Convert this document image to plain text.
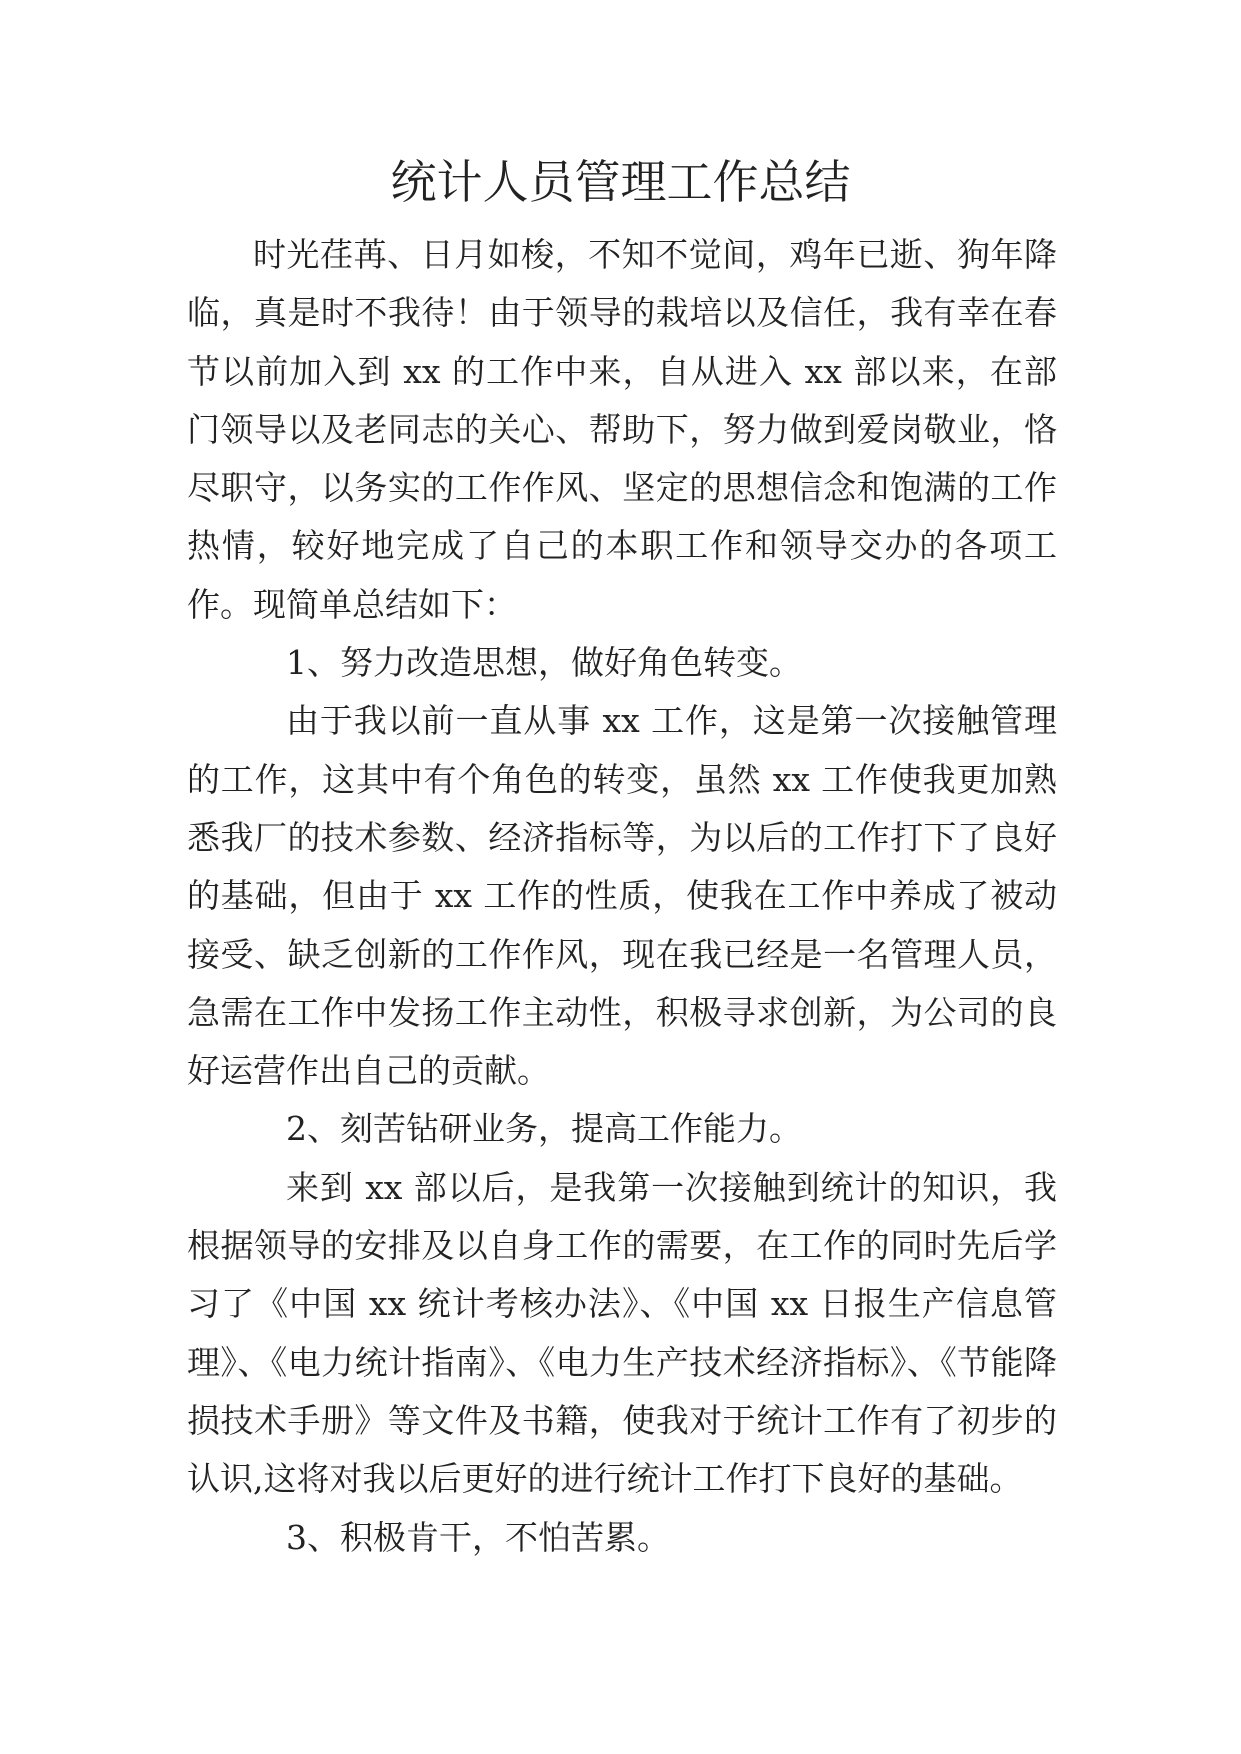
统计人员管理工作总结

时光荏苒、日月如梭，不知不觉间，鸡年已逝、狗年降临，真是时不我待！由于领导的栽培以及信任，我有幸在春节以前加入到 xx 的工作中来，自从进入 xx 部以来，在部门领导以及老同志的关心、帮助下，努力做到爱岗敬业，恪尽职守，以务实的工作作风、坚定的思想信念和饱满的工作热情，较好地完成了自己的本职工作和领导交办的各项工作。现简单总结如下：

1、努力改造思想，做好角色转变。

由于我以前一直从事 xx 工作，这是第一次接触管理的工作，这其中有个角色的转变，虽然 xx 工作使我更加熟悉我厂的技术参数、经济指标等，为以后的工作打下了良好的基础，但由于 xx 工作的性质，使我在工作中养成了被动接受、缺乏创新的工作作风，现在我已经是一名管理人员，急需在工作中发扬工作主动性，积极寻求创新，为公司的良好运营作出自己的贡献。

2、刻苦钻研业务，提高工作能力。

来到 xx 部以后，是我第一次接触到统计的知识，我根据领导的安排及以自身工作的需要，在工作的同时先后学习了《中国 xx 统计考核办法》、《中国 xx 日报生产信息管理》、《电力统计指南》、《电力生产技术经济指标》、《节能降损技术手册》等文件及书籍，使我对于统计工作有了初步的认识,这将对我以后更好的进行统计工作打下良好的基础。

3、积极肯干，不怕苦累。
